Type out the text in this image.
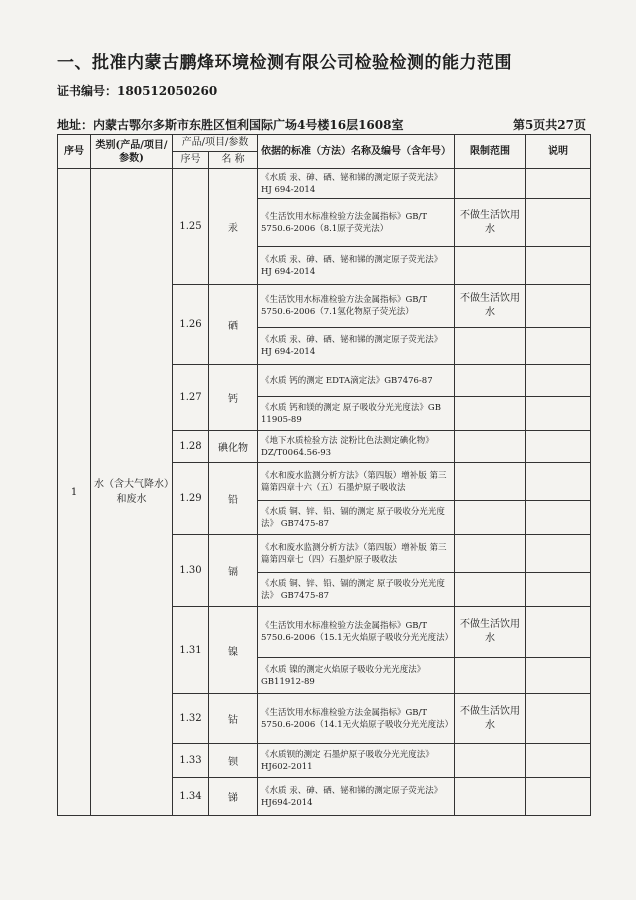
一、批准内蒙古鹏烽环境检测有限公司检验检测的能力范围
证书编号：180512050260
地址：内蒙古鄂尔多斯市东胜区恒利国际广场4号楼16层1608室	第5页共27页
序号	类别(产品/项目/参数)	产品/项目/参数		依据的标准（方法）名称及编号（含年号）	限制范围	说明
		序号	名 称			
1	水（含大气降水）和废水	1.25	汞	《水质 汞、砷、硒、铋和锑的测定原子荧光法》HJ 694-2014		
				《生活饮用水标准检验方法金属指标》GB/T 5750.6-2006（8.1原子荧光法）	不做生活饮用水	
				《水质 汞、砷、硒、铋和锑的测定原子荧光法》HJ 694-2014		
		1.26	硒	《生活饮用水标准检验方法金属指标》GB/T 5750.6-2006（7.1氢化物原子荧光法）	不做生活饮用水	
				《水质 汞、砷、硒、铋和锑的测定原子荧光法》HJ 694-2014		
		1.27	钙	《水质 钙的测定 EDTA滴定法》GB7476-87		
				《水质 钙和镁的测定 原子吸收分光光度法》GB 11905-89		
		1.28	碘化物	《地下水质检验方法 淀粉比色法测定碘化物》DZ/T0064.56-93		
		1.29	铅	《水和废水监测分析方法》（第四版）增补版 第三篇第四章十六（五）石墨炉原子吸收法		
				《水质 铜、锌、铅、镉的测定 原子吸收分光光度法》 GB7475-87		
		1.30	镉	《水和废水监测分析方法》（第四版）增补版 第三篇第四章七（四）石墨炉原子吸收法		
				《水质 铜、锌、铅、镉的测定 原子吸收分光光度法》 GB7475-87		
		1.31	镍	《生活饮用水标准检验方法金属指标》GB/T 5750.6-2006（15.1无火焰原子吸收分光光度法）	不做生活饮用水	
				《水质 镍的测定火焰原子吸收分光光度法》GB11912-89		
		1.32	钴	《生活饮用水标准检验方法金属指标》GB/T 5750.6-2006（14.1无火焰原子吸收分光光度法）	不做生活饮用水	
		1.33	钡	《水质钡的测定 石墨炉原子吸收分光光度法》HJ602-2011		
		1.34	锑	《水质 汞、砷、硒、铋和锑的测定原子荧光法》HJ694-2014		
